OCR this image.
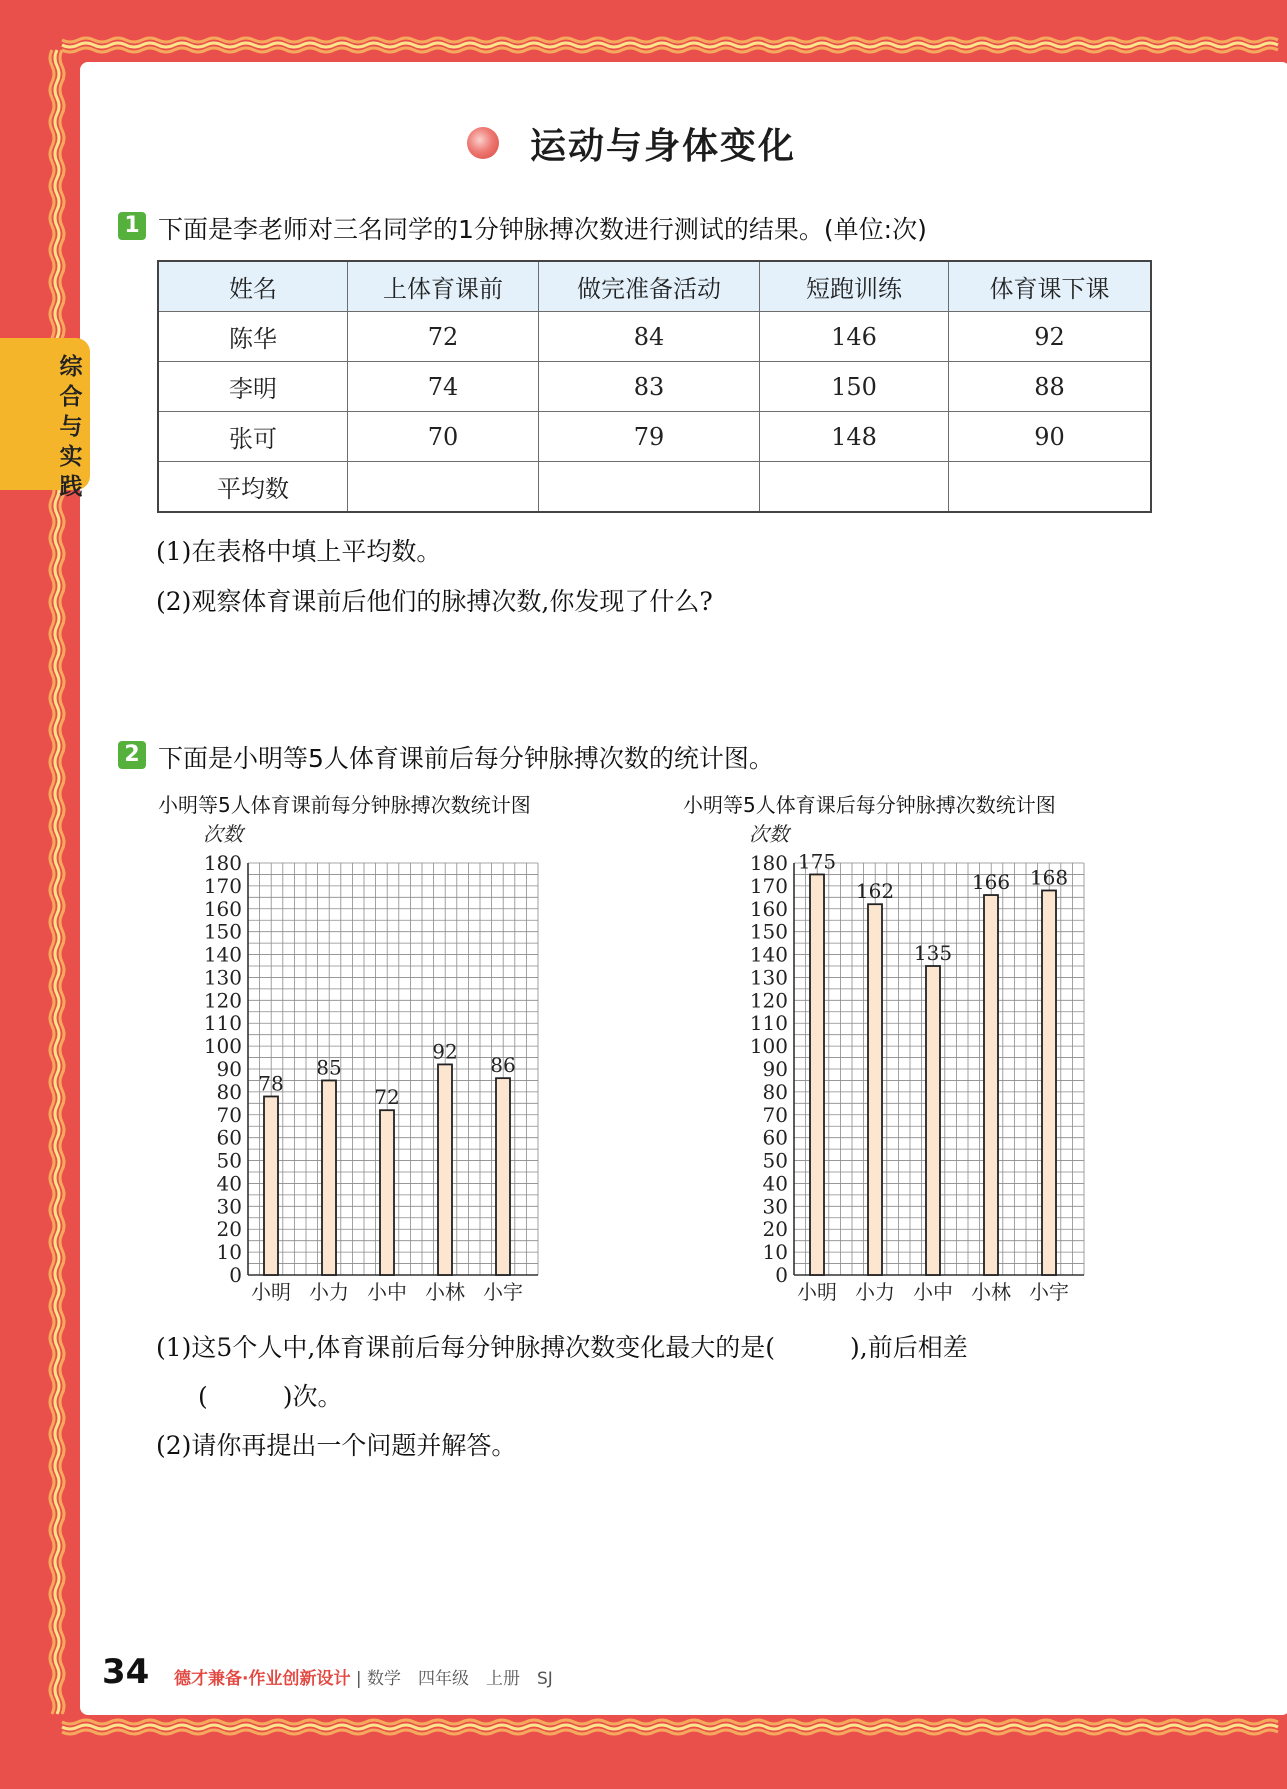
综合与实践
运动与身体变化
1 下面是李老师对三名同学的1分钟脉搏次数进行测试的结果。(单位:次)
姓名	上体育课前	做完准备活动	短跑训练	体育课下课
陈华	72	84	146	92
李明	74	83	150	88
张可	70	79	148	90
平均数				
(1)在表格中填上平均数。
(2)观察体育课前后他们的脉搏次数,你发现了什么?
2 下面是小明等5人体育课前后每分钟脉搏次数的统计图。
小明等5人体育课前每分钟脉搏次数统计图	小明等5人体育课后每分钟脉搏次数统计图
次数
0
10
20
30
40
50
60
70
80
90
100
110
120
130
140
150
160
170
180
78
小明
85
小力
72
小中
92
小林
86
小宇
次数
0
10
20
30
40
50
60
70
80
90
100
110
120
130
140
150
160
170
180 175
小明
162
小力
135
小中
166
小林
168
小宇
(1)这5个人中,体育课前后每分钟脉搏次数变化最大的是(　　　),前后相差
(　　　)次。
(2)请你再提出一个问题并解答。
34 德才兼备·作业创新设计 | 数学　四年级　上册　SJ
